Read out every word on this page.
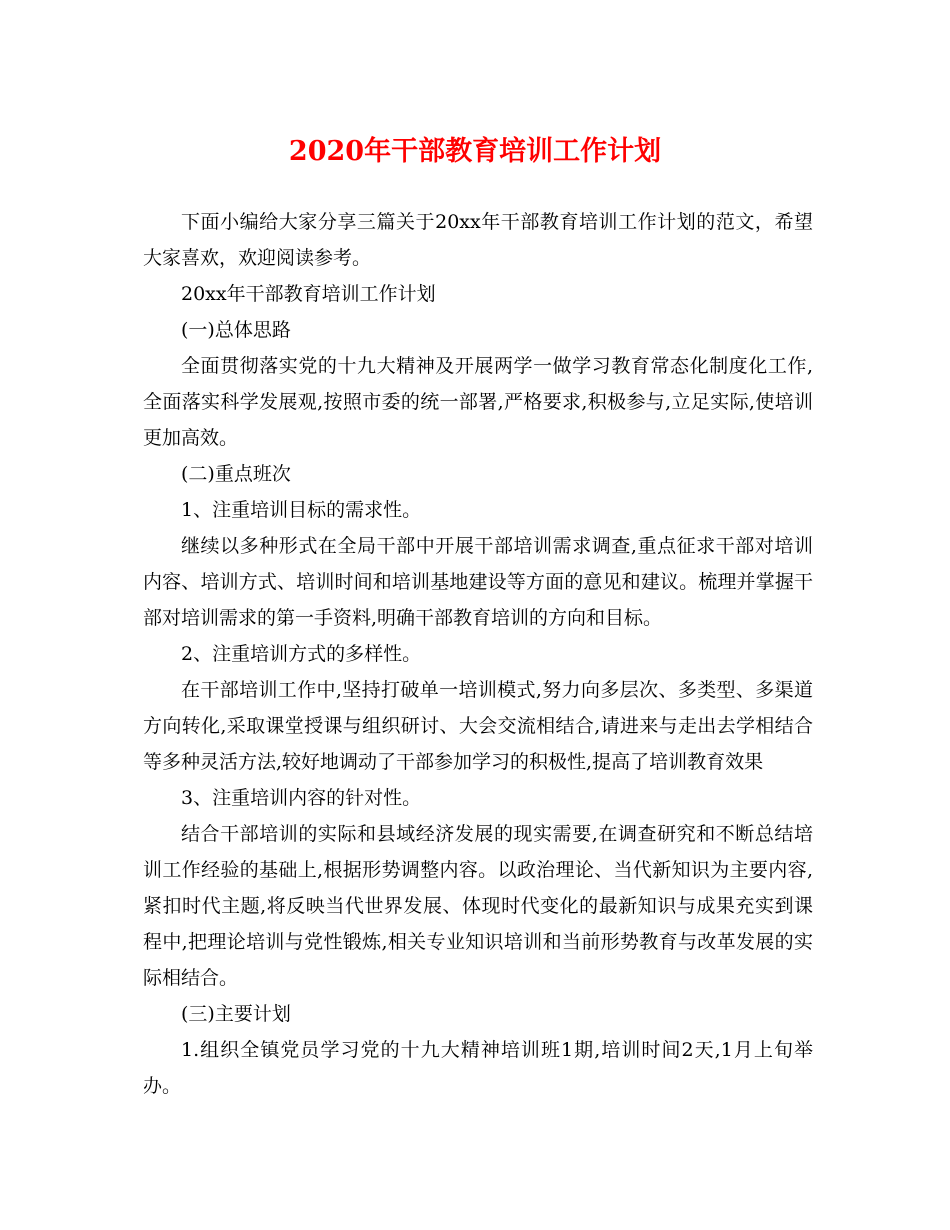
2020年干部教育培训工作计划

下面小编给大家分享三篇关于20xx年干部教育培训工作计划的范文，希望大家喜欢，欢迎阅读参考。

20xx年干部教育培训工作计划

(一)总体思路

全面贯彻落实党的十九大精神及开展两学一做学习教育常态化制度化工作,全面落实科学发展观,按照市委的统一部署,严格要求,积极参与,立足实际,使培训更加高效。

(二)重点班次

1、注重培训目标的需求性。

继续以多种形式在全局干部中开展干部培训需求调查,重点征求干部对培训内容、培训方式、培训时间和培训基地建设等方面的意见和建议。梳理并掌握干部对培训需求的第一手资料,明确干部教育培训的方向和目标。

2、注重培训方式的多样性。

在干部培训工作中,坚持打破单一培训模式,努力向多层次、多类型、多渠道方向转化,采取课堂授课与组织研讨、大会交流相结合,请进来与走出去学相结合等多种灵活方法,较好地调动了干部参加学习的积极性,提高了培训教育效果

3、注重培训内容的针对性。

结合干部培训的实际和县域经济发展的现实需要,在调查研究和不断总结培训工作经验的基础上,根据形势调整内容。以政治理论、当代新知识为主要内容,紧扣时代主题,将反映当代世界发展、体现时代变化的最新知识与成果充实到课程中,把理论培训与党性锻炼,相关专业知识培训和当前形势教育与改革发展的实际相结合。

(三)主要计划

1.组织全镇党员学习党的十九大精神培训班1期,培训时间2天,1月上旬举办。
